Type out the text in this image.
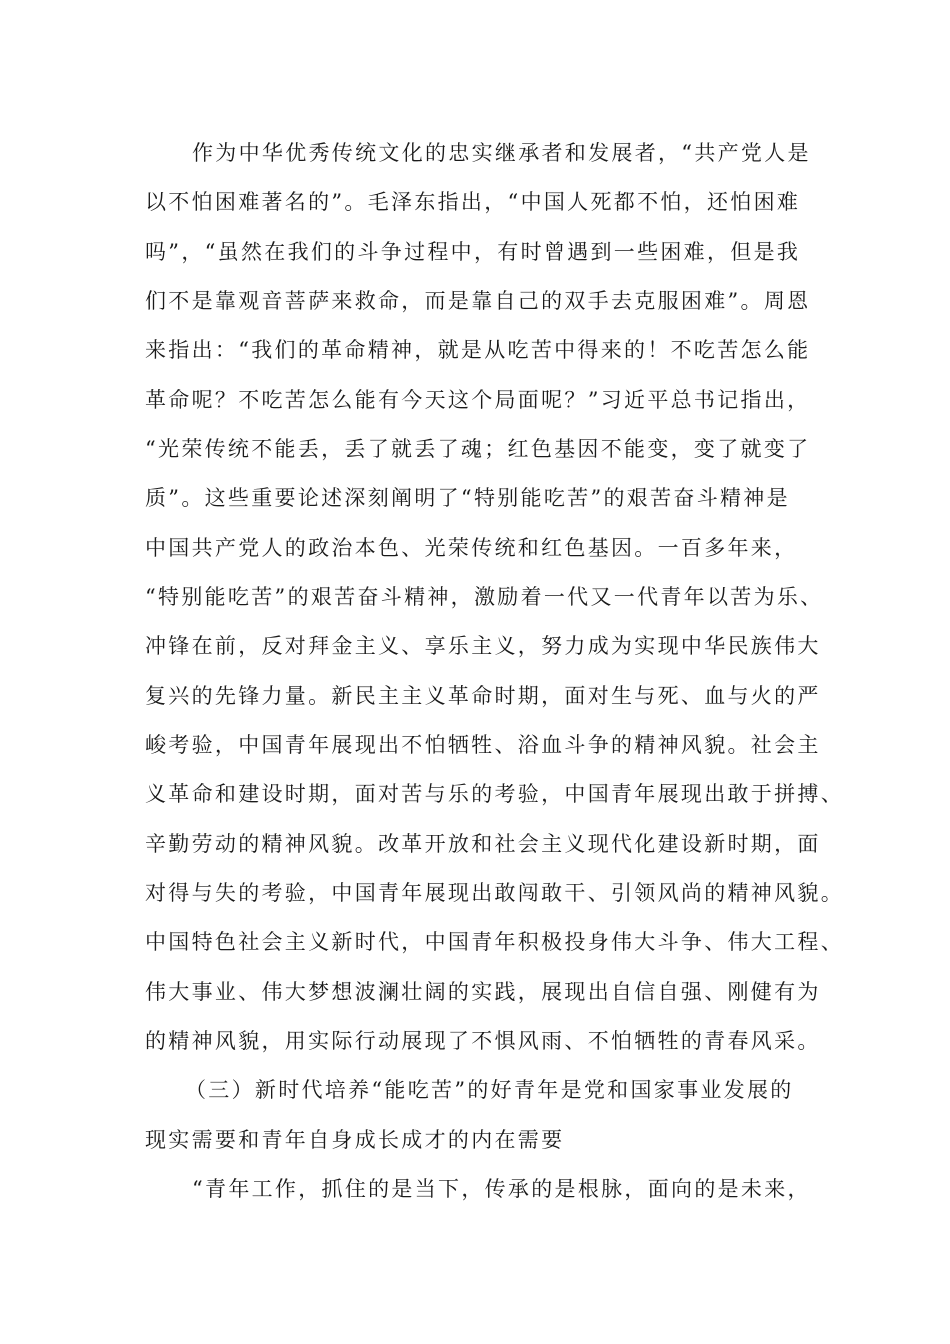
作为中华优秀传统文化的忠实继承者和发展者，“共产党人是
以不怕困难著名的”。毛泽东指出，“中国人死都不怕，还怕困难
吗”，“虽然在我们的斗争过程中，有时曾遇到一些困难，但是我
们不是靠观音菩萨来救命，而是靠自己的双手去克服困难”。周恩
来指出：“我们的革命精神，就是从吃苦中得来的！不吃苦怎么能
革命呢？不吃苦怎么能有今天这个局面呢？”习近平总书记指出，
“光荣传统不能丢，丢了就丢了魂；红色基因不能变，变了就变了
质”。这些重要论述深刻阐明了“特别能吃苦”的艰苦奋斗精神是
中国共产党人的政治本色、光荣传统和红色基因。一百多年来，
“特别能吃苦”的艰苦奋斗精神，激励着一代又一代青年以苦为乐、
冲锋在前，反对拜金主义、享乐主义，努力成为实现中华民族伟大
复兴的先锋力量。新民主主义革命时期，面对生与死、血与火的严
峻考验，中国青年展现出不怕牺牲、浴血斗争的精神风貌。社会主
义革命和建设时期，面对苦与乐的考验，中国青年展现出敢于拼搏、
辛勤劳动的精神风貌。改革开放和社会主义现代化建设新时期，面
对得与失的考验，中国青年展现出敢闯敢干、引领风尚的精神风貌。
中国特色社会主义新时代，中国青年积极投身伟大斗争、伟大工程、
伟大事业、伟大梦想波澜壮阔的实践，展现出自信自强、刚健有为
的精神风貌，用实际行动展现了不惧风雨、不怕牺牲的青春风采。
（三）新时代培养“能吃苦”的好青年是党和国家事业发展的
现实需要和青年自身成长成才的内在需要
“青年工作，抓住的是当下，传承的是根脉，面向的是未来，
